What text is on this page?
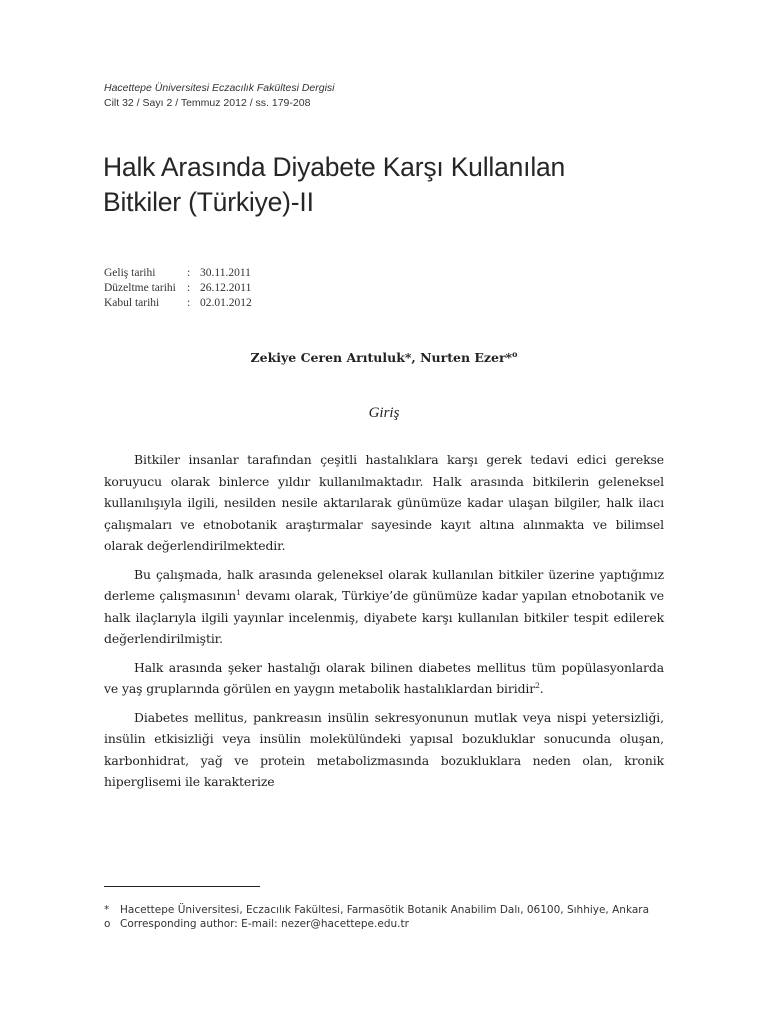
Hacettepe Üniversitesi Eczacılık Fakültesi Dergisi
Cilt 32 / Sayı 2 / Temmuz 2012 / ss. 179-208
Halk Arasında Diyabete Karşı Kullanılan
Bitkiler (Türkiye)-II
Geliş tarihi	: 30.11.2011
Düzeltme tarihi : 26.12.2011
Kabul tarihi	: 02.01.2012
Zekiye Ceren Arıtuluk*, Nurten Ezer*$^o$
Giriş

Bitkiler insanlar tarafından çeşitli hastalıklara karşı gerek tedavi edici gerekse koruyucu olarak binlerce yıldır kullanılmaktadır. Halk arasında bitkilerin geleneksel kullanılışıyla ilgili, nesilden nesile aktarılarak günümüze kadar ulaşan bilgiler, halk ilacı çalışmaları ve etnobotanik araştırmalar sayesinde kayıt altına alınmakta ve bilimsel olarak değerlendirilmektedir.

Bu çalışmada, halk arasında geleneksel olarak kullanılan bitkiler üzerine yaptığımız derleme çalışmasının$^1$ devamı olarak, Türkiye’de günümüze kadar yapılan etnobotanik ve halk ilaçlarıyla ilgili yayınlar incelenmiş, diyabete karşı kullanılan bitkiler tespit edilerek değerlendirilmiştir.

Halk arasında şeker hastalığı olarak bilinen diabetes mellitus tüm popülasyonlarda ve yaş gruplarında görülen en yaygın metabolik hastalıklardan biridir$^2$.

Diabetes mellitus, pankreasın insülin sekresyonunun mutlak veya nispi yetersizliği, insülin etkisizliği veya insülin molekülündeki yapısal bozukluklar sonucunda oluşan, karbonhidrat, yağ ve protein metabolizmasında bozukluklara neden olan, kronik hiperglisemi ile karakterize

*	Hacettepe Üniversitesi, Eczacılık Fakültesi, Farmasötik Botanik Anabilim Dalı, 06100, Sıhhiye, Ankara
o Corresponding author: E-mail: nezer@hacettepe.edu.tr
